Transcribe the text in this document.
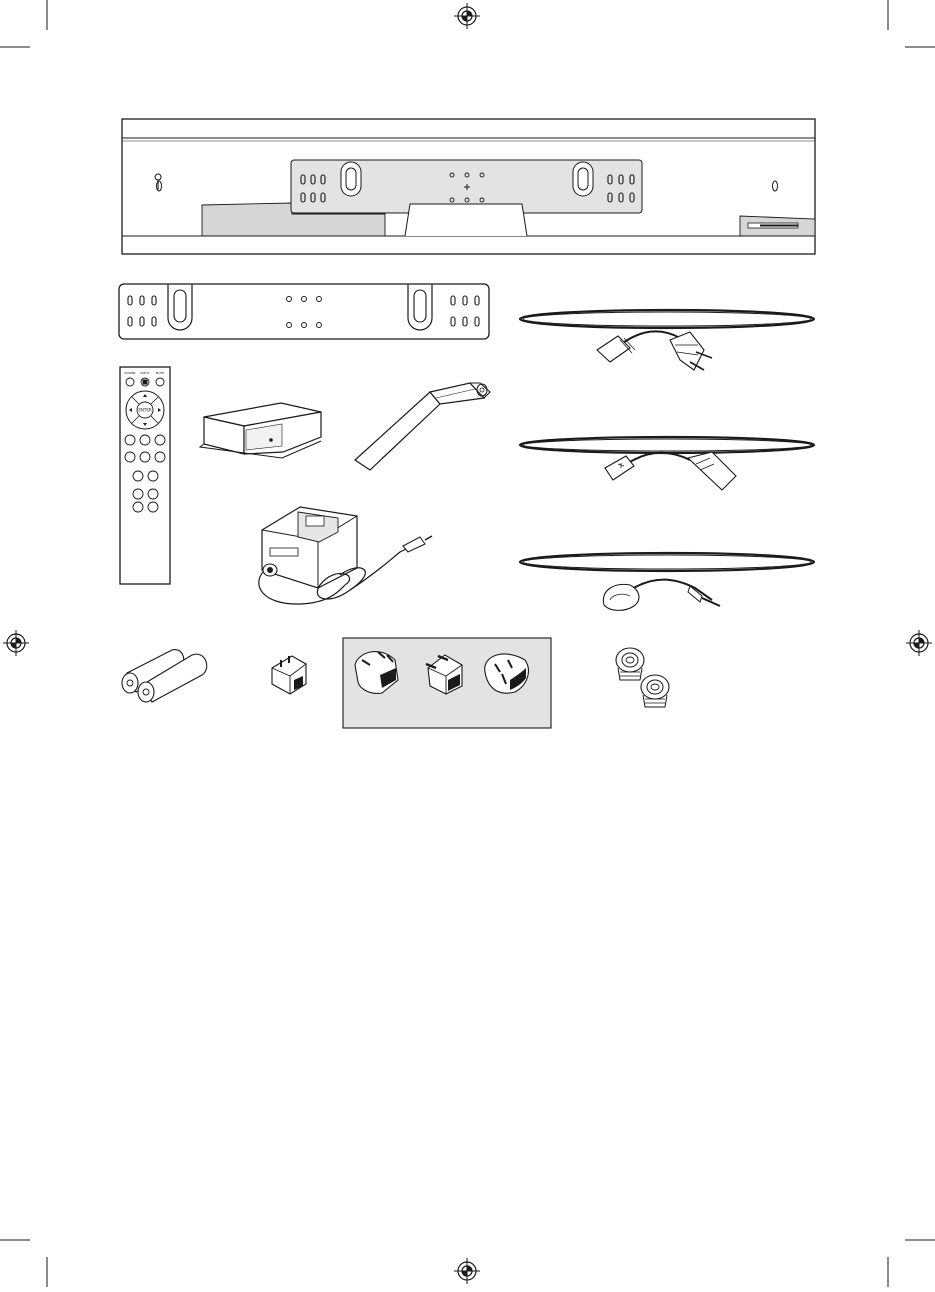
POWER INPUT MUTE
ENTER
